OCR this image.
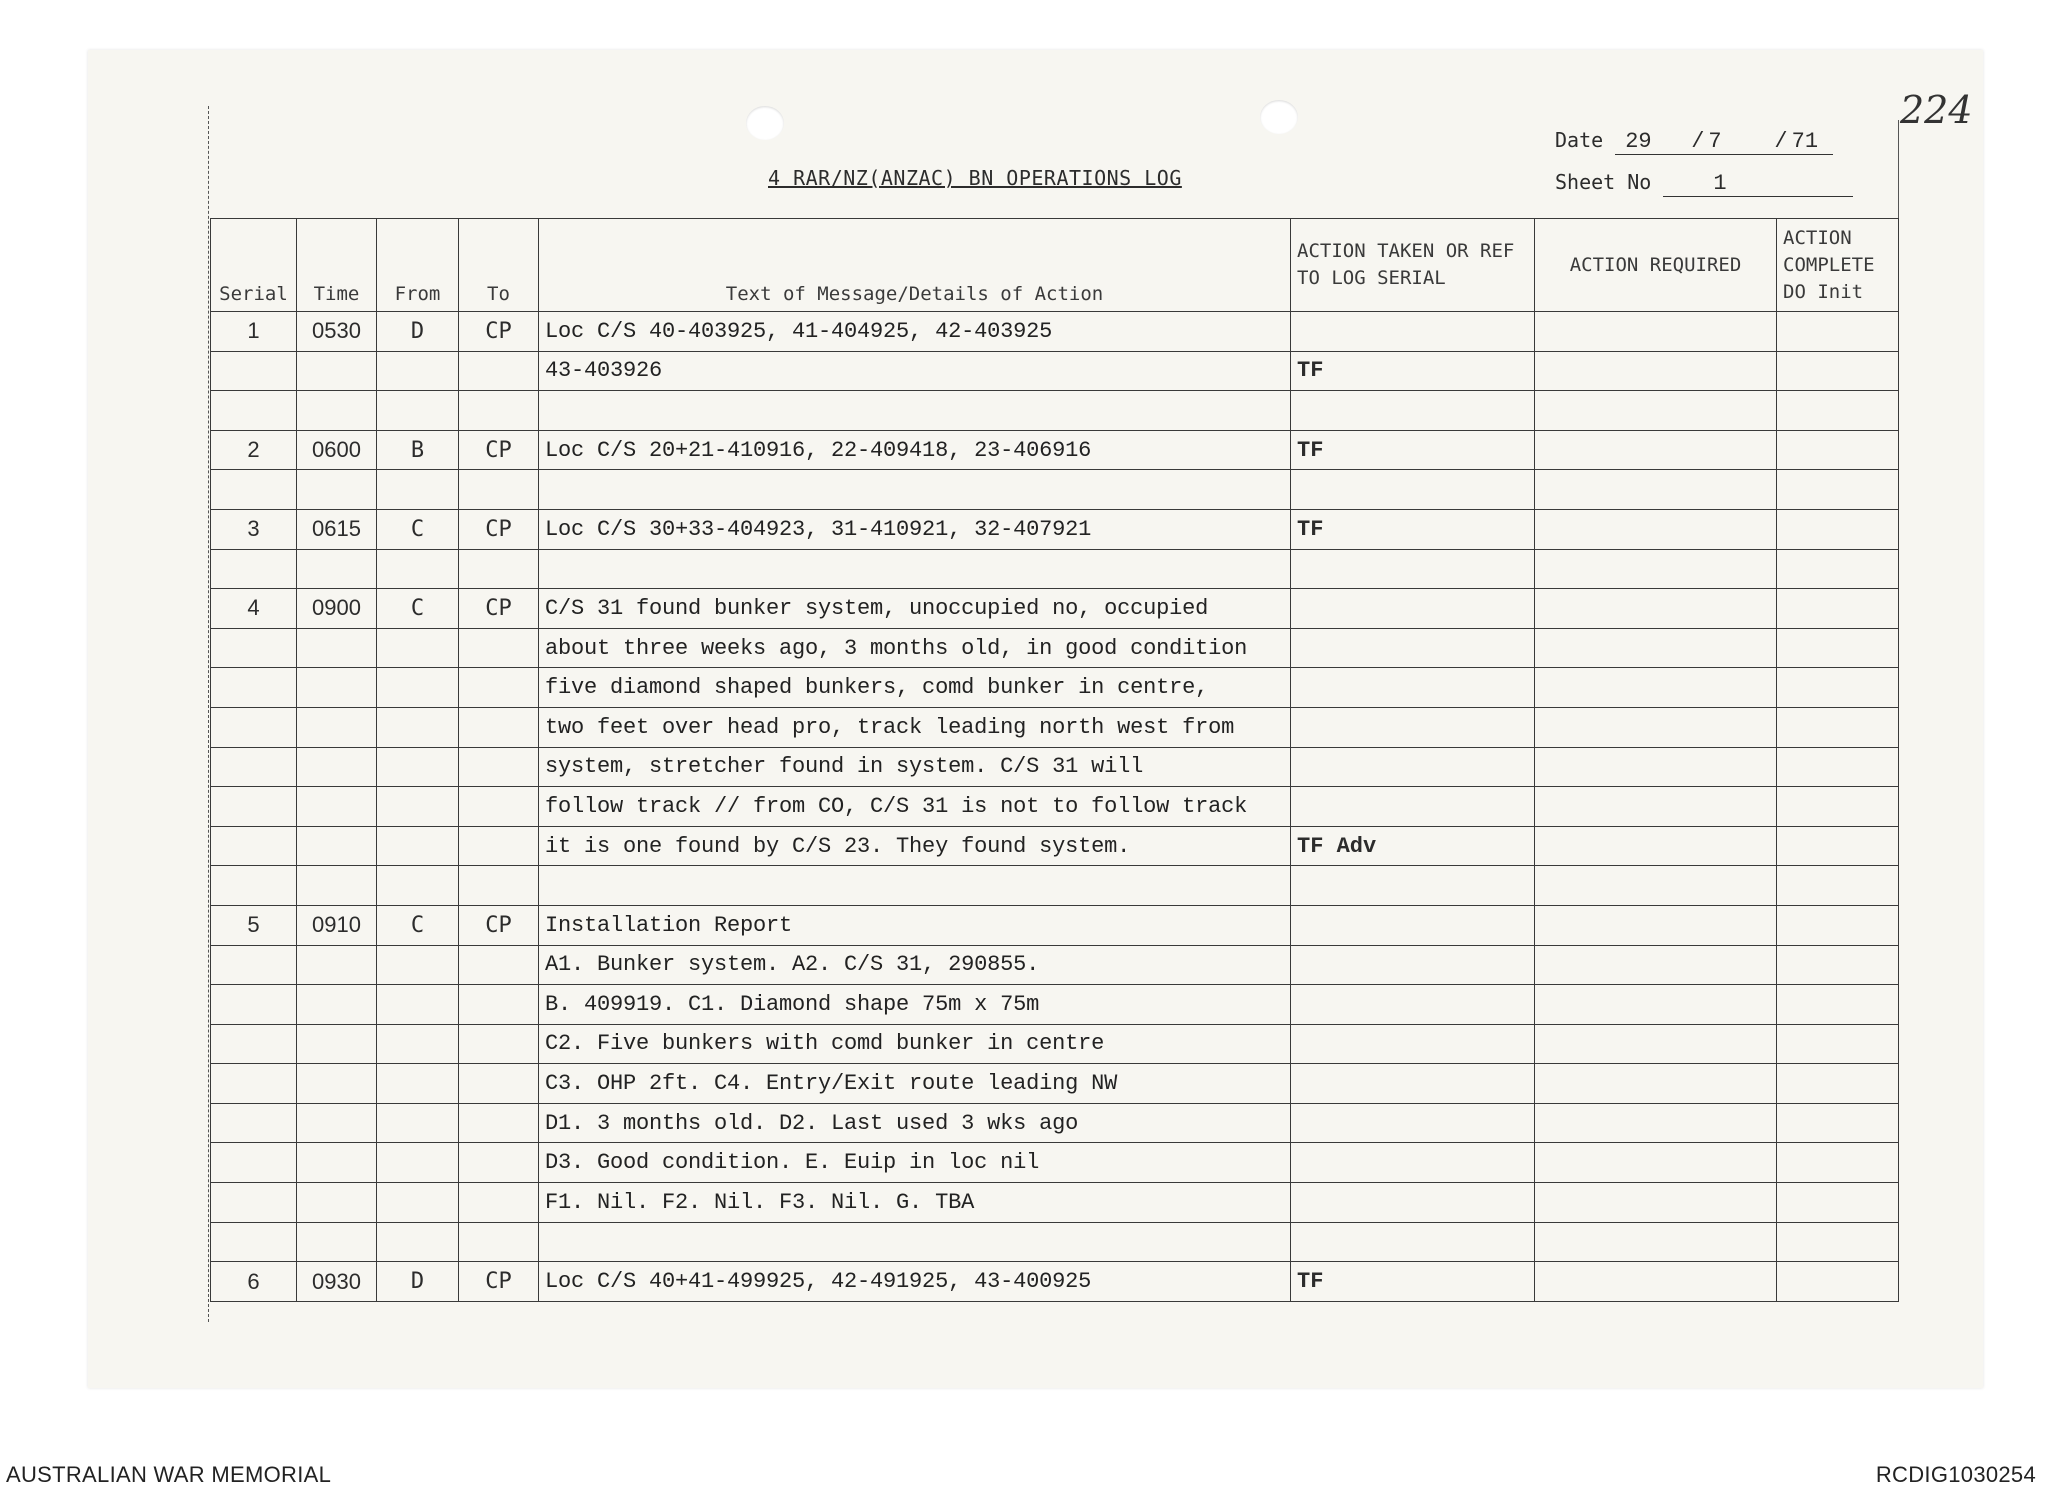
224
4 RAR/NZ(ANZAC) BN OPERATIONS LOG
Date 29 / 7 / 71
Sheet No	1
Serial	Time	From	To	Text of Message/Details of Action	ACTION TAKEN OR REF TO LOG SERIAL	ACTION REQUIRED	ACTION COMPLETE DO Init
1	0530	D	CP	Loc C/S 40-403925, 41-404925, 42-403925			
				43-403926	TF		

2	0600	B	CP	Loc C/S 20+21-410916, 22-409418, 23-406916	TF		

3	0615	C	CP	Loc C/S 30+33-404923, 31-410921, 32-407921	TF		

4	0900	C	CP	C/S 31 found bunker system, unoccupied no, occupied			
				about three weeks ago, 3 months old, in good condition			
				five diamond shaped bunkers, comd bunker in centre,			
				two feet over head pro, track leading north west from			
				system, stretcher found in system. C/S 31 will			
				follow track // from CO, C/S 31 is not to follow track			
				it is one found by C/S 23. They found system.	TF Adv		

5	0910	C	CP	Installation Report			
				A1. Bunker system. A2. C/S 31, 290855.			
				B. 409919. C1. Diamond shape 75m x 75m			
				C2. Five bunkers with comd bunker in centre			
				C3. OHP 2ft. C4. Entry/Exit route leading NW			
				D1. 3 months old. D2. Last used 3 wks ago			
				D3. Good condition. E. Euip in loc nil			
				F1. Nil. F2. Nil. F3. Nil. G. TBA			

6	0930	D	CP	Loc C/S 40+41-499925, 42-491925, 43-400925	TF		
AUSTRALIAN WAR MEMORIAL	RCDIG1030254
